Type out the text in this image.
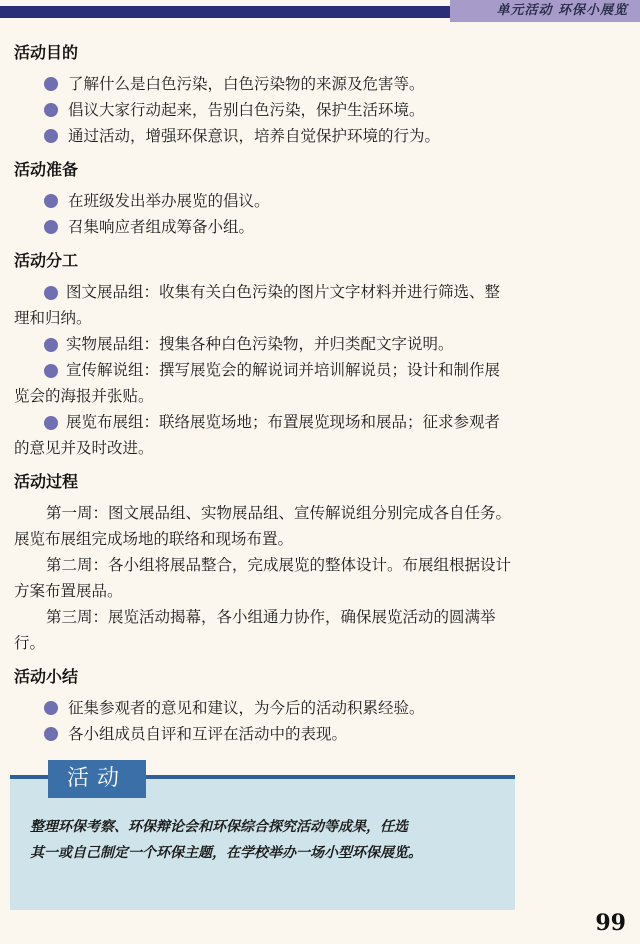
单元活动 环保小展览
活动目的
了解什么是白色污染，白色污染物的来源及危害等。
倡议大家行动起来，告别白色污染，保护生活环境。
通过活动，增强环保意识，培养自觉保护环境的行为。
活动准备
在班级发出举办展览的倡议。
召集响应者组成筹备小组。
活动分工
图文展品组：收集有关白色污染的图片文字材料并进行筛选、整理和归纳。
实物展品组：搜集各种白色污染物，并归类配文字说明。
宣传解说组：撰写展览会的解说词并培训解说员；设计和制作展览会的海报并张贴。
展览布展组：联络展览场地；布置展览现场和展品；征求参观者的意见并及时改进。
活动过程
第一周：图文展品组、实物展品组、宣传解说组分别完成各自任务。展览布展组完成场地的联络和现场布置。
第二周：各小组将展品整合，完成展览的整体设计。布展组根据设计方案布置展品。
第三周：展览活动揭幕，各小组通力协作，确保展览活动的圆满举行。
活动小结
征集参观者的意见和建议，为今后的活动积累经验。
各小组成员自评和互评在活动中的表现。
活动

整理环保考察、环保辩论会和环保综合探究活动等成果，任选

其一或自己制定一个环保主题，在学校举办一场小型环保展览。

99
